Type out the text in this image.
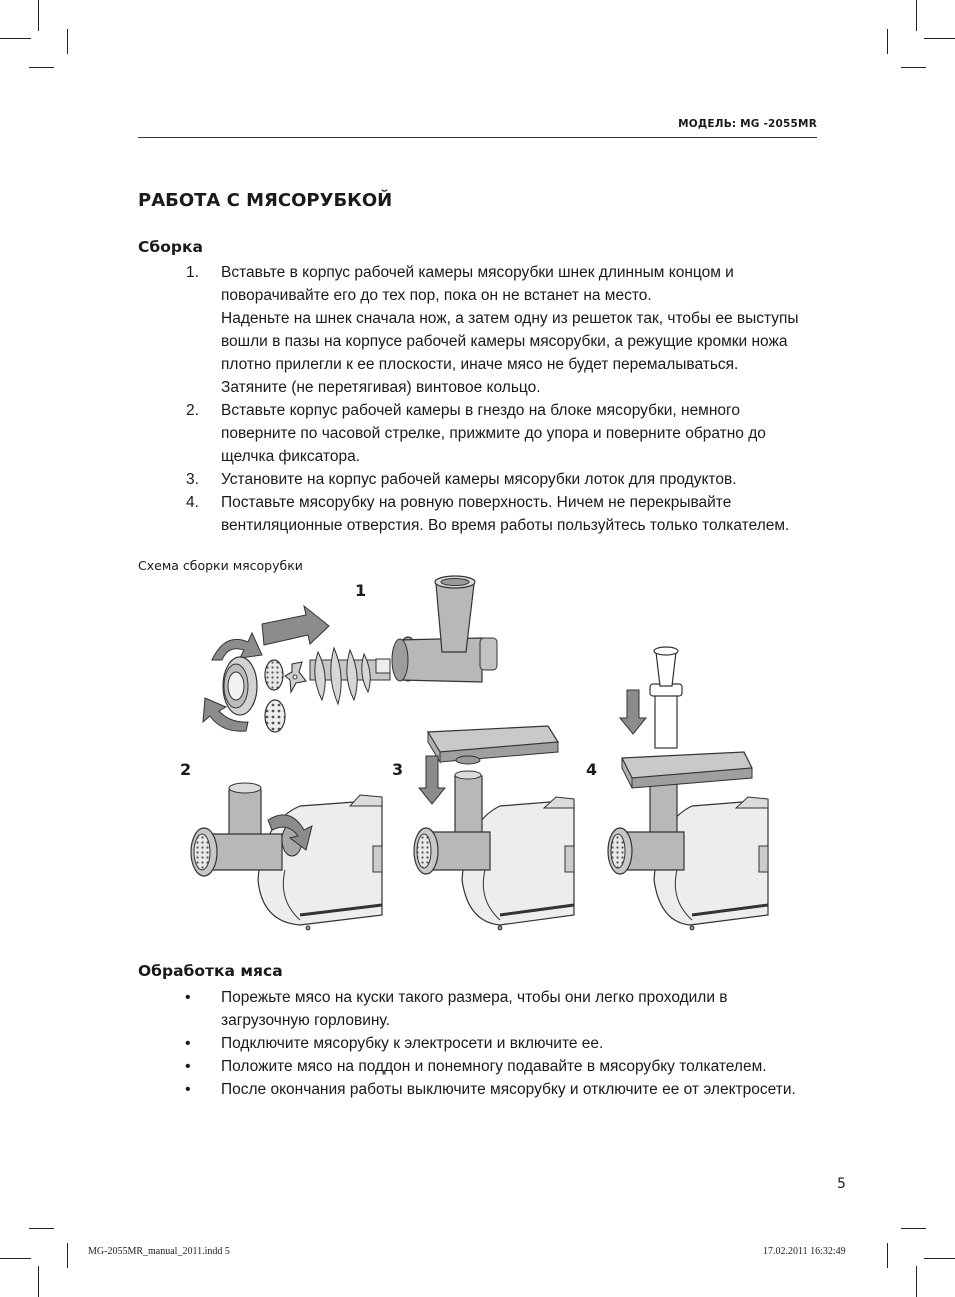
МОДЕЛЬ: MG -2055MR
РАБОТА С МЯСОРУБКОЙ
Сборка
1. Вставьте в корпус рабочей камеры мясорубки шнек длинным концом и поворачивайте его до тех пор, пока он не встанет на место.

Наденьте на шнек сначала нож, а затем одну из решеток так, чтобы ее выступы вошли в пазы на корпусе рабочей камеры мясорубки, а режущие кромки ножа плотно прилегли к ее плоскости, иначе мясо не будет перемалываться.

Затяните (не перетягивая) винтовое кольцо.

2. Вставьте корпус рабочей камеры в гнездо на блоке мясорубки, немного поверните по часовой стрелке, прижмите до упора и поверните обратно до щелчка фиксатора.

3. Установите на корпус рабочей камеры мясорубки лоток для продуктов.

4. Поставьте мясорубку на ровную поверхность. Ничем не перекрывайте вентиляционные отверстия. Во время работы пользуйтесь только толкателем.

Схема сборки мясорубки
1
2	3	4
Обработка мяса
• Порежьте мясо на куски такого размера, чтобы они легко проходили в загрузочную горловину.

• Подключите мясорубку к электросети и включите ее.

• Положите мясо на поддон и понемногу подавайте в мясорубку толкателем.

• После окончания работы выключите мясорубку и отключите ее от электросети.

5
MG-2055MR_manual_2011.indd 5	17.02.2011 16:32:49
